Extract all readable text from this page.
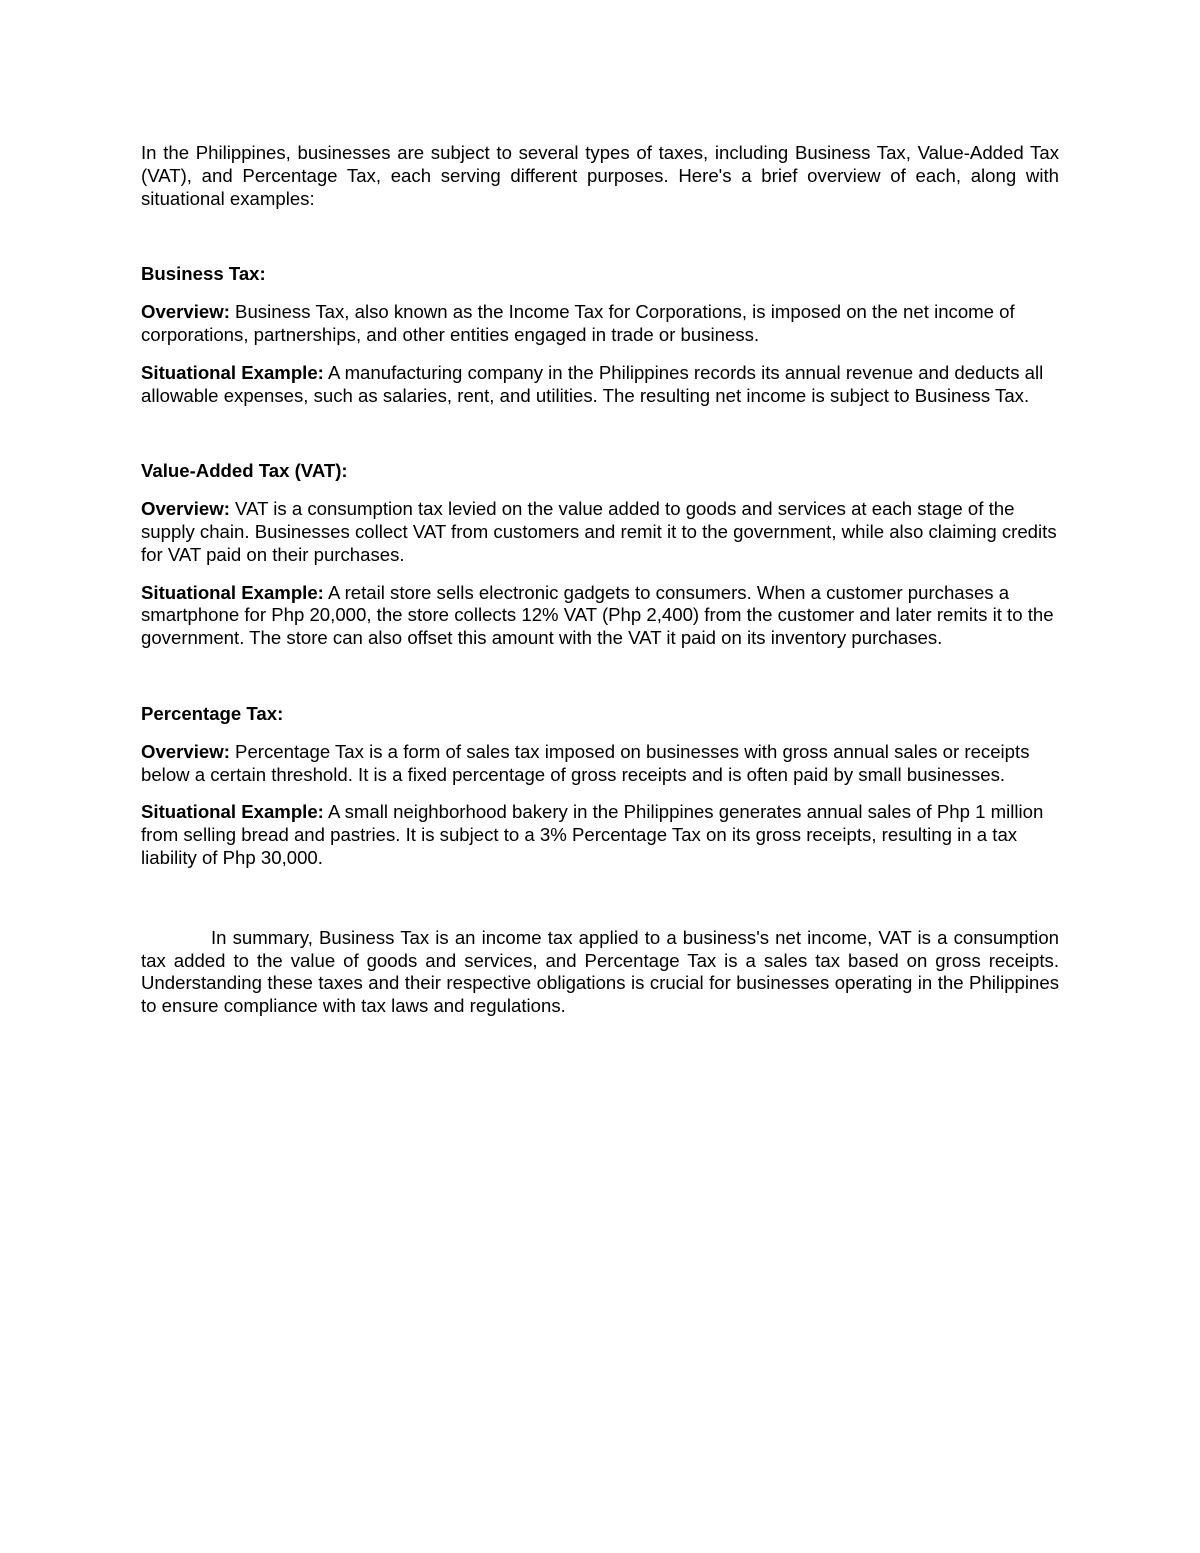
In the Philippines, businesses are subject to several types of taxes, including Business Tax, Value-Added Tax (VAT), and Percentage Tax, each serving different purposes. Here's a brief overview of each, along with situational examples:

Business Tax:

Overview: Business Tax, also known as the Income Tax for Corporations, is imposed on the net income of corporations, partnerships, and other entities engaged in trade or business.

Situational Example: A manufacturing company in the Philippines records its annual revenue and deducts all allowable expenses, such as salaries, rent, and utilities. The resulting net income is subject to Business Tax.

Value-Added Tax (VAT):

Overview: VAT is a consumption tax levied on the value added to goods and services at each stage of the supply chain. Businesses collect VAT from customers and remit it to the government, while also claiming credits for VAT paid on their purchases.

Situational Example: A retail store sells electronic gadgets to consumers. When a customer purchases a smartphone for Php 20,000, the store collects 12% VAT (Php 2,400) from the customer and later remits it to the government. The store can also offset this amount with the VAT it paid on its inventory purchases.

Percentage Tax:

Overview: Percentage Tax is a form of sales tax imposed on businesses with gross annual sales or receipts below a certain threshold. It is a fixed percentage of gross receipts and is often paid by small businesses.

Situational Example: A small neighborhood bakery in the Philippines generates annual sales of Php 1 million from selling bread and pastries. It is subject to a 3% Percentage Tax on its gross receipts, resulting in a tax liability of Php 30,000.

In summary, Business Tax is an income tax applied to a business's net income, VAT is a consumption tax added to the value of goods and services, and Percentage Tax is a sales tax based on gross receipts. Understanding these taxes and their respective obligations is crucial for businesses operating in the Philippines to ensure compliance with tax laws and regulations.
